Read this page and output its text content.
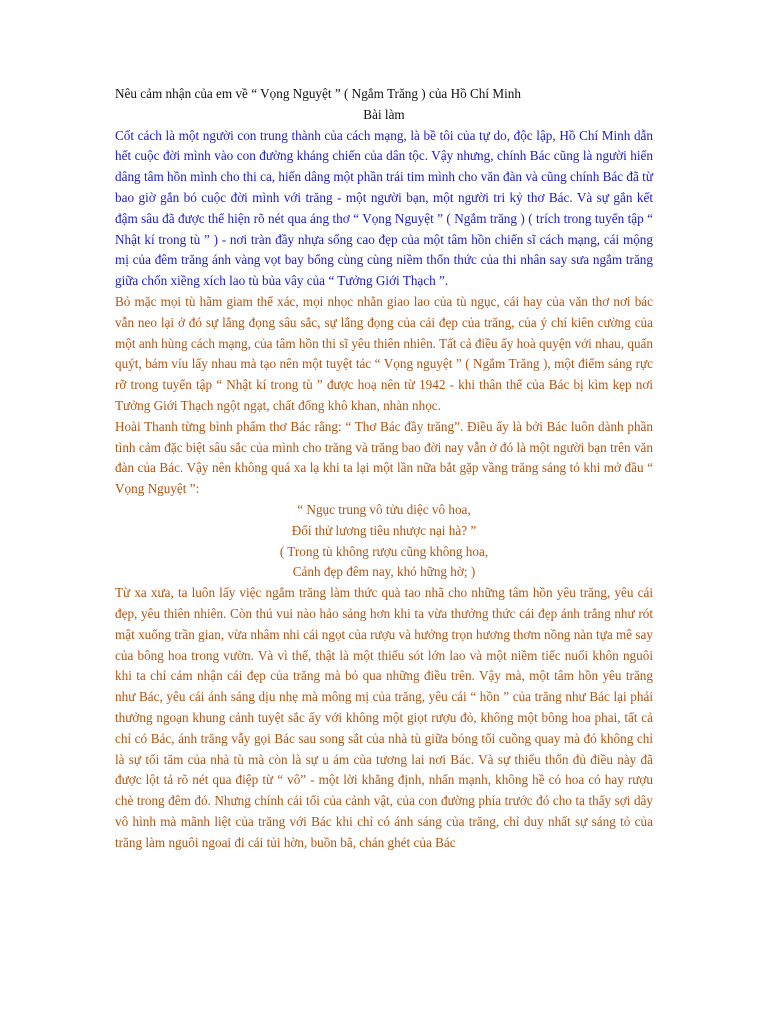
Nêu cảm nhận của em về “ Vọng Nguyệt ” ( Ngắm Trăng ) của Hồ Chí Minh

Bài làm

Cốt cách là một người con trung thành của cách mạng, là bề tôi của tự do, độc lập, Hồ Chí Minh dẫn hết cuộc đời mình vào con đường kháng chiến của dân tộc. Vậy nhưng, chính Bác cũng là người hiến dâng tâm hồn mình cho thi ca, hiến dâng một phần trái tim mình cho văn đàn và cũng chính Bác đã từ bao giờ gắn bó cuộc đời mình với trăng - một người bạn, một người tri kỷ thơ Bác. Và sự gắn kết đậm sâu đã được thể hiện rõ nét qua áng thơ “ Vọng Nguyệt ” ( Ngắm trăng ) ( trích trong tuyển tập “ Nhật kí trong tù ” ) - nơi tràn đầy nhựa sống cao đẹp của một tâm hồn chiến sĩ cách mạng, cái mộng mị của đêm trăng ánh vàng vọt bay bổng cùng cùng niềm thổn thức của thi nhân say sưa ngắm trăng giữa chốn xiềng xích lao tù bủa vây của “ Tưởng Giới Thạch ”.

Bỏ mặc mọi tù hãm giam thể xác, mọi nhọc nhằn giao lao của tù ngục, cái hay của văn thơ nơi bác vẫn neo lại ở đó sự lắng đọng sâu sắc, sự lắng đọng của cái đẹp của trăng, của ý chí kiên cường của một anh hùng cách mạng, của tâm hồn thi sĩ yêu thiên nhiên. Tất cả điều ấy hoà quyện với nhau, quấn quýt, bám víu lấy nhau mà tạo nên một tuyệt tác “ Vọng nguyệt ” ( Ngắm Trăng ), một điểm sáng rực rỡ trong tuyển tập “ Nhật kí trong tù ” được hoạ nên từ 1942 - khi thân thể của Bác bị kìm kẹp nơi Tưởng Giới Thạch ngột ngạt, chất đống khô khan, nhàn nhọc.

Hoài Thanh từng bình phẩm thơ Bác rằng: “ Thơ Bác đầy trăng”. Điều ấy là bởi Bác luôn dành phần tình cảm đặc biệt sâu sắc của mình cho trăng và trăng bao đời nay vẫn ở đó là một người bạn trên văn đàn của Bác. Vậy nên không quá xa lạ khi ta lại một lần nữa bắt gặp vầng trăng sáng tỏ khi mở đầu “ Vọng Nguyệt ”:

“ Ngục trung vô tửu diệc vô hoa,
Đối thử lương tiêu nhược nại hà? ”
( Trong tù không rượu cũng không hoa,
Cảnh đẹp đêm nay, khó hững hờ; )

Từ xa xưa, ta luôn lấy việc ngắm trăng làm thức quà tao nhã cho những tâm hồn yêu trăng, yêu cái đẹp, yêu thiên nhiên. Còn thú vui nào hảo sảng hơn khi ta vừa thưởng thức cái đẹp ánh trắng như rót mật xuống trần gian, vừa nhâm nhi cái ngọt của rượu và hưởng trọn hương thơm nồng nàn tựa mê say của bông hoa trong vườn. Và vì thế, thật là một thiếu sót lớn lao và một niềm tiếc nuối khôn nguôi khi ta chỉ cảm nhận cái đẹp của trăng mà bỏ qua những điều trên. Vậy mà, một tâm hồn yêu trăng như Bác, yêu cái ánh sáng dịu nhẹ mà mông mị của trăng, yêu cái “ hồn ” của trăng như Bác lại phải thưởng ngoạn khung cảnh tuyệt sắc ấy với không một giọt rượu đỏ, không một bông hoa phai, tất cả chỉ có Bác, ánh trăng vẫy gọi Bác sau song sắt của nhà tù giữa bóng tối cuồng quay mà đó không chỉ là sự tối tăm của nhà tù mà còn là sự u ám của tương lai nơi Bác. Và sự thiếu thốn đủ điều này đã được lột tả rõ nét qua điệp từ “ vô” - một lời khẳng định, nhấn mạnh, không hề có hoa có hay rượu chè trong đêm đó. Nhưng chính cái tối của cảnh vật, của con đường phía trước đó cho ta thấy sợi dây vô hình mà mãnh liệt của trăng với Bác khi chỉ có ánh sáng của trăng, chỉ duy nhất sự sáng tỏ của trăng làm nguôi ngoai đi cái tủi hờn, buồn bã, chán ghét của Bác
